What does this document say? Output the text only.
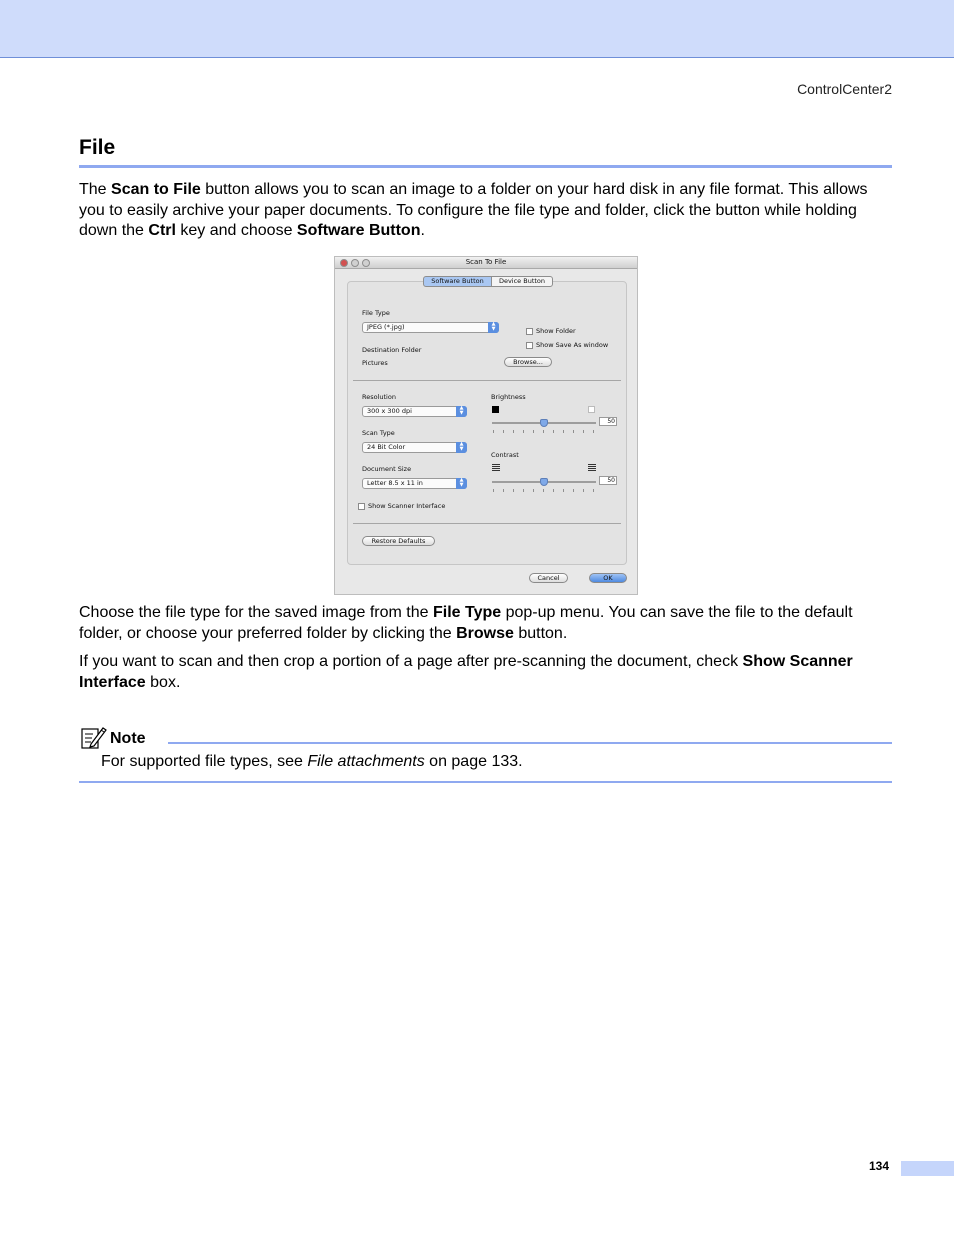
ControlCenter2
File

The Scan to File button allows you to scan an image to a folder on your hard disk in any file format. This allows you to easily archive your paper documents. To configure the file type and folder, click the button while holding down the Ctrl key and choose Software Button.

Scan To File
Software Button	Device Button
File Type
JPEG (*.jpg)	▲
▼	Show Folder
Show Save As window
Destination Folder
Pictures	Browse...
Resolution
300 x 300 dpi	▲
▼
Scan Type
24 Bit Color	▲
▼
Document Size
Letter 8.5 x 11 in	▲
▼
Show Scanner Interface
Brightness
50
Contrast
50
Restore Defaults
Cancel	OK

Choose the file type for the saved image from the File Type pop-up menu. You can save the file to the default folder, or choose your preferred folder by clicking the Browse button.

If you want to scan and then crop a portion of a page after pre-scanning the document, check Show Scanner Interface box.

Note

For supported file types, see File attachments on page 133.

134
